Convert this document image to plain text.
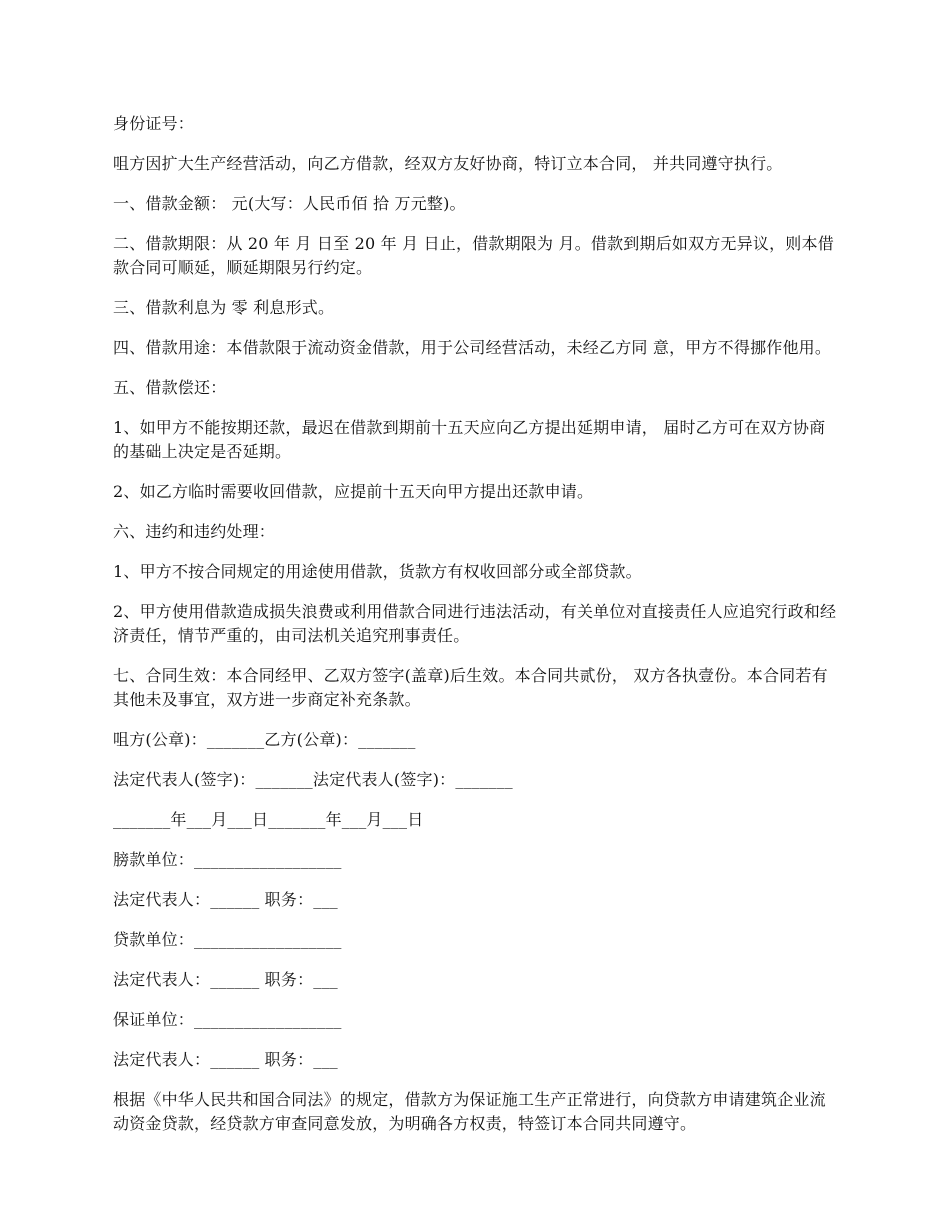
身份证号：

咀方因扩大生产经营活动，向乙方借款，经双方友好协商，特订立本合同， 并共同遵守执行。

一、借款金额： 元(大写：人民币佰 拾 万元整)。

二、借款期限：从 20 年 月 日至 20 年 月 日止，借款期限为 月。借款到期后如双方无异议，则本借款合同可顺延，顺延期限另行约定。

三、借款利息为 零 利息形式。

四、借款用途：本借款限于流动资金借款，用于公司经营活动，未经乙方同 意，甲方不得挪作他用。

五、借款偿还：

1、如甲方不能按期还款，最迟在借款到期前十五天应向乙方提出延期申请， 届时乙方可在双方协商的基础上决定是否延期。

2、如乙方临时需要收回借款，应提前十五天向甲方提出还款申请。

六、违约和违约处理：

1、甲方不按合同规定的用途使用借款，货款方有权收回部分或全部贷款。

2、甲方使用借款造成损失浪费或利用借款合同进行违法活动，有关单位对直接责任人应追究行政和经济责任，情节严重的，由司法机关追究刑事责任。

七、合同生效：本合同经甲、乙双方签字(盖章)后生效。本合同共贰份， 双方各执壹份。本合同若有其他未及事宜，双方进一步商定补充条款。

咀方(公章)：_______乙方(公章)：_______

法定代表人(签字)：_______法定代表人(签字)：_______

_______年___月___日_______年___月___日

膀款单位：__________________

法定代表人：______ 职务：___

贷款单位：__________________

法定代表人：______ 职务：___

保证单位：__________________

法定代表人：______ 职务：___

根据《中华人民共和国合同法》的规定，借款方为保证施工生产正常进行，向贷款方申请建筑企业流动资金贷款，经贷款方审查同意发放，为明确各方权责，特签订本合同共同遵守。
